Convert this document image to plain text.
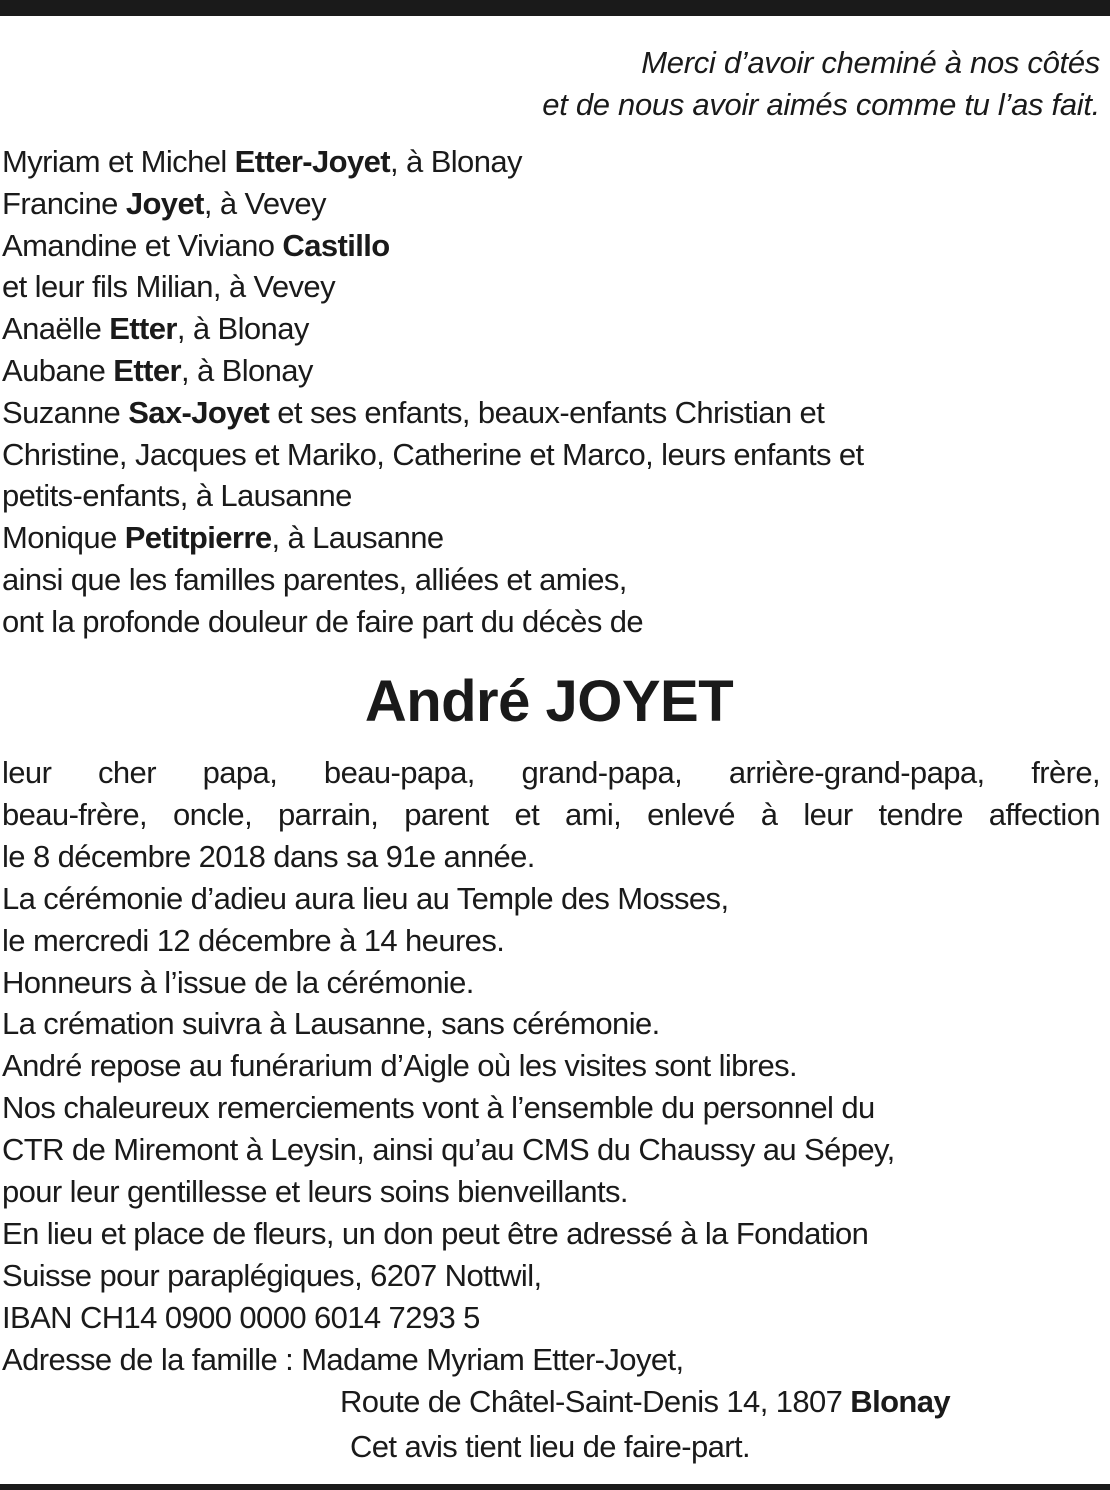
Merci d’avoir cheminé à nos côtés
et de nous avoir aimés comme tu l’as fait.
Myriam et Michel Etter-Joyet, à Blonay
Francine Joyet, à Vevey
Amandine et Viviano Castillo
et leur fils Milian, à Vevey
Anaëlle Etter, à Blonay
Aubane Etter, à Blonay
Suzanne Sax-Joyet et ses enfants, beaux-enfants Christian et
Christine, Jacques et Mariko, Catherine et Marco, leurs enfants et
petits-enfants, à Lausanne
Monique Petitpierre, à Lausanne
ainsi que les familles parentes, alliées et amies,
ont la profonde douleur de faire part du décès de
André JOYET
leur cher papa, beau-papa, grand-papa, arrière-grand-papa, frère,
beau-frère, oncle, parrain, parent et ami, enlevé à leur tendre affection
le 8 décembre 2018 dans sa 91e année.
La cérémonie d’adieu aura lieu au Temple des Mosses,
le mercredi 12 décembre à 14 heures.
Honneurs à l’issue de la cérémonie.
La crémation suivra à Lausanne, sans cérémonie.
André repose au funérarium d’Aigle où les visites sont libres.
Nos chaleureux remerciements vont à l’ensemble du personnel du
CTR de Miremont à Leysin, ainsi qu’au CMS du Chaussy au Sépey,
pour leur gentillesse et leurs soins bienveillants.
En lieu et place de fleurs, un don peut être adressé à la Fondation
Suisse pour paraplégiques, 6207 Nottwil,
IBAN CH14 0900 0000 6014 7293 5
Adresse de la famille : Madame Myriam Etter-Joyet,
Route de Châtel-Saint-Denis 14, 1807 Blonay
Cet avis tient lieu de faire-part.
